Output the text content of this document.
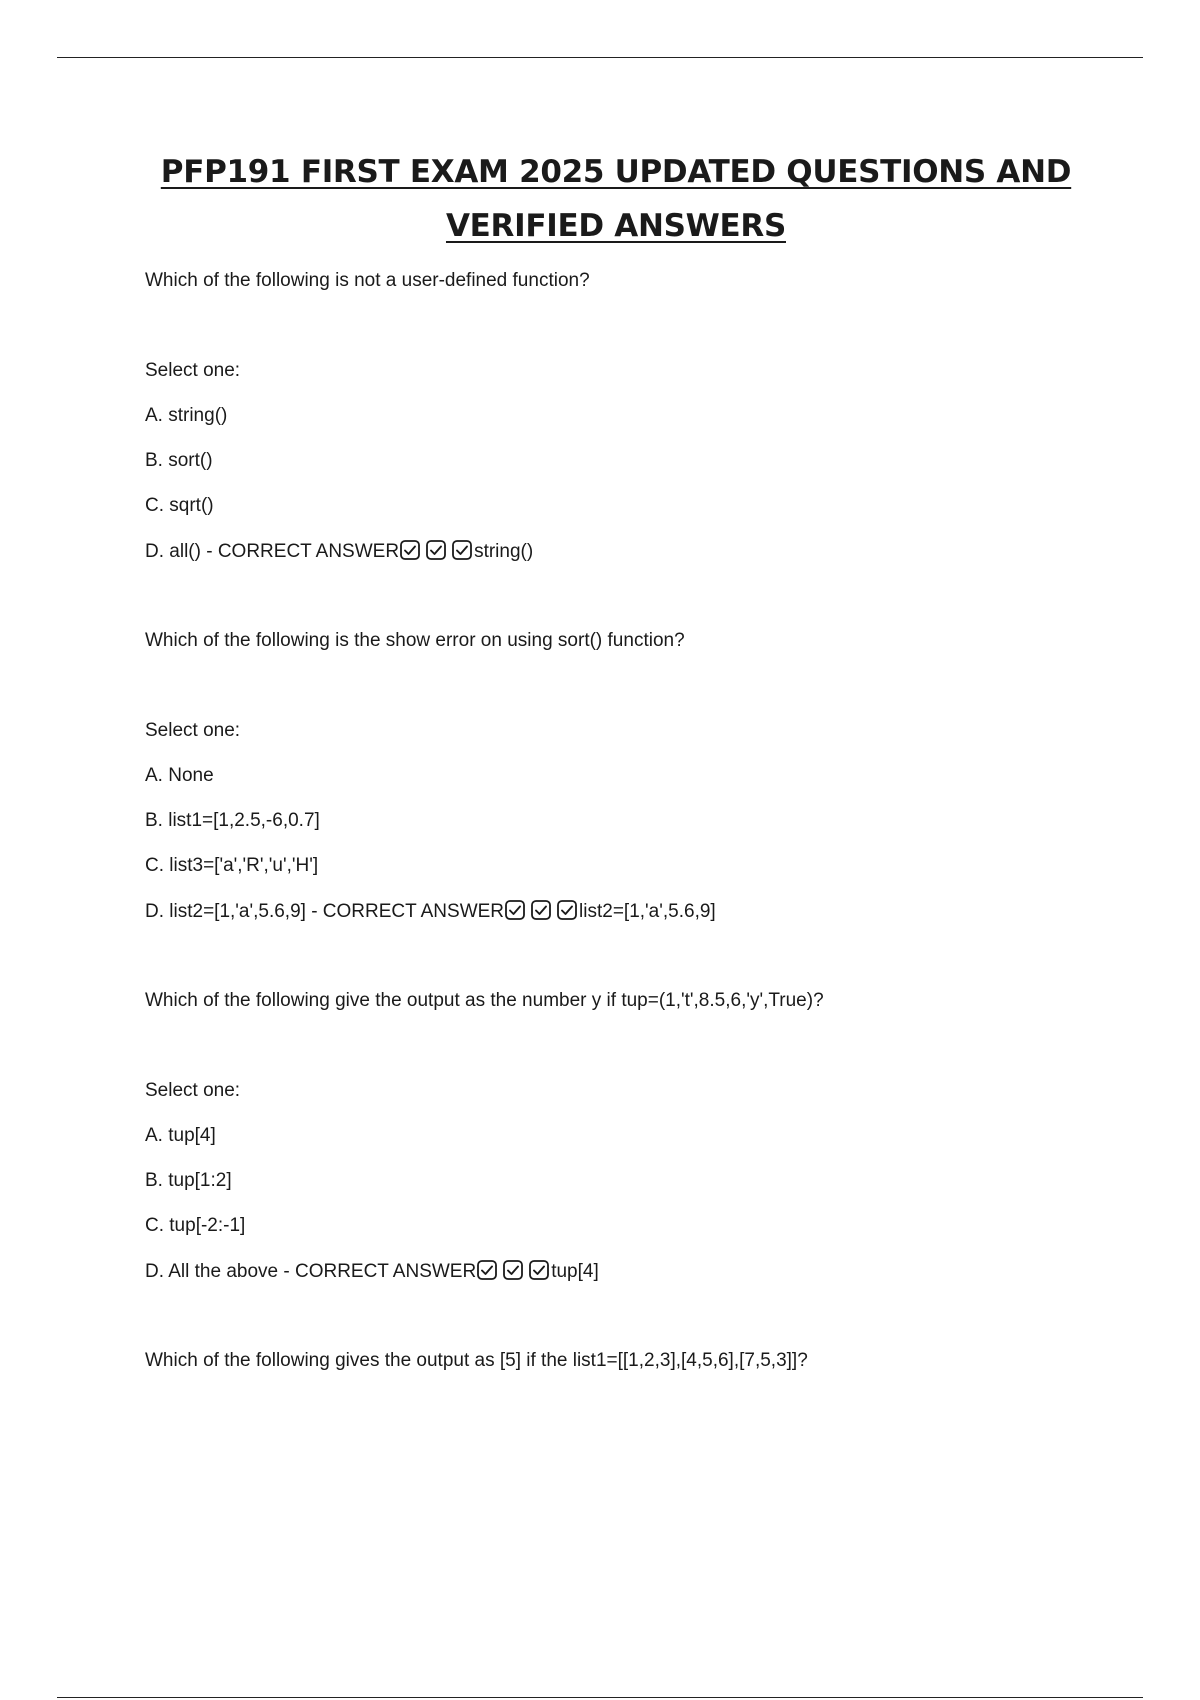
PFP191 FIRST EXAM 2025 UPDATED QUESTIONS AND
VERIFIED ANSWERS
Which of the following is not a user-defined function?
Select one:
A. string()
B. sort()
C. sqrt()
D. all() - CORRECT ANSWER	string()
Which of the following is the show error on using sort() function?
Select one:
A. None
B. list1=[1,2.5,-6,0.7]
C. list3=['a','R','u','H']
D. list2=[1,'a',5.6,9] - CORRECT ANSWER	list2=[1,'a',5.6,9]
Which of the following give the output as the number y if tup=(1,'t',8.5,6,'y',True)?
Select one:
A. tup[4]
B. tup[1:2]
C. tup[-2:-1]
D. All the above - CORRECT ANSWER	tup[4]
Which of the following gives the output as [5] if the list1=[[1,2,3],[4,5,6],[7,5,3]]?
